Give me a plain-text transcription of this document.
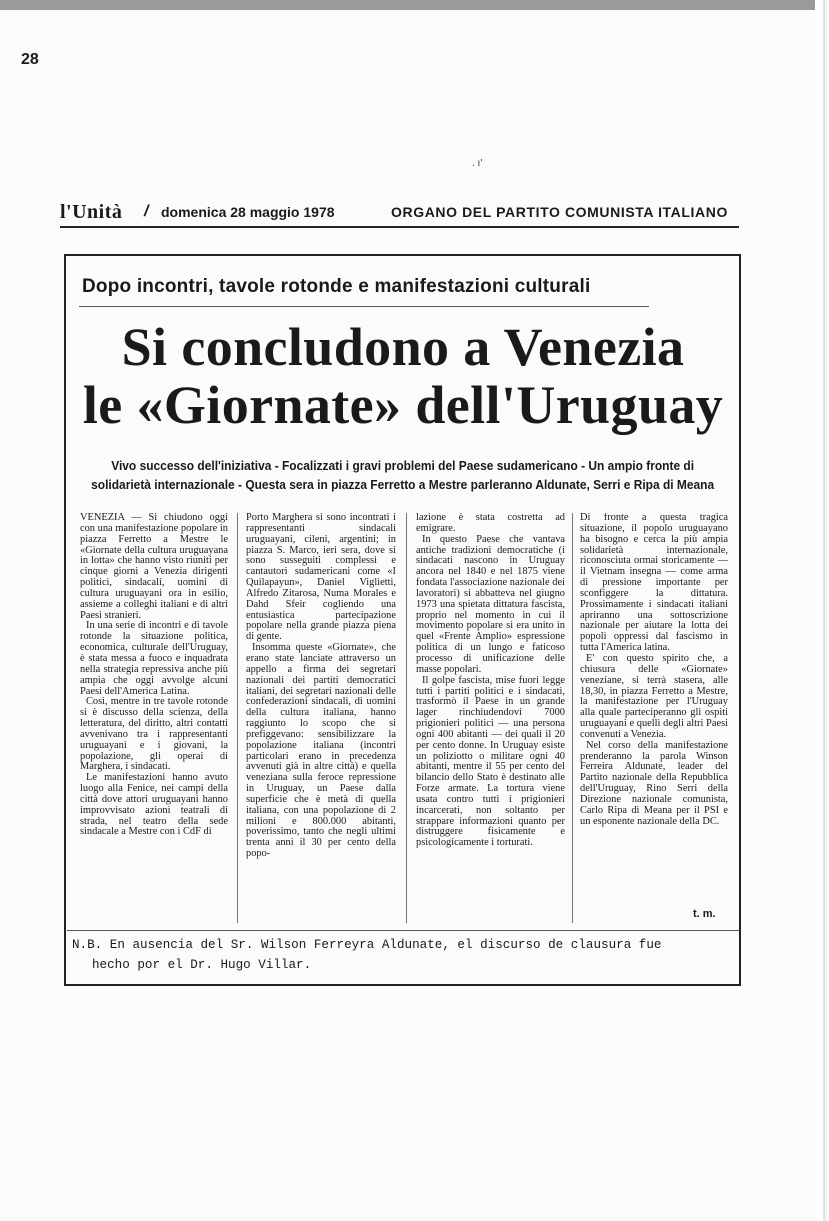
28
. ı'
l'Unità / domenica 28 maggio 1978	ORGANO DEL PARTITO COMUNISTA ITALIANO
Dopo incontri, tavole rotonde e manifestazioni culturali
Si concludono a Venezia
le «Giornate» dell'Uruguay
Vivo successo dell'iniziativa - Focalizzati i gravi problemi del Paese sudamericano - Un ampio fronte di
solidarietà internazionale - Questa sera in piazza Ferretto a Mestre parleranno Aldunate, Serri e Ripa di Meana

VENEZIA — Si chiudono oggi con una manifestazione popolare in piazza Ferretto a Mestre le «Giornate della cultura uruguayana in lotta» che hanno visto riuniti per cinque giorni a Venezia dirigenti politici, sindacali, uomini di cultura uruguayani ora in esilio, assieme a colleghi italiani e di altri Paesi stranieri.

In una serie di incontri e di tavole rotonde la situazione politica, economica, culturale dell'Uruguay, è stata messa a fuoco e inquadrata nella strategia repressiva anche più ampia che oggi avvolge alcuni Paesi dell'America Latina.

Così, mentre in tre tavole rotonde si è discusso della scienza, della letteratura, del diritto, altri contatti avvenivano tra i rappresentanti uruguayani e i giovani, la popolazione, gli operai di Marghera, i sindacati.

Le manifestazioni hanno avuto luogo alla Fenice, nei campi della città dove attori uruguayani hanno improvvisato azioni teatrali di strada, nel teatro della sede sindacale a Mestre con i CdF di

Porto Marghera si sono incontrati i rappresentanti sindacali uruguayani, cileni, argentini; in piazza S. Marco, ieri sera, dove si sono susseguiti complessi e cantautori sudamericani come «I Quilapayun», Daniel Viglietti, Alfredo Zitarosa, Numa Morales e Dahd Sfeir cogliendo una entusiastica partecipazione popolare nella grande piazza piena di gente.

Insomma queste «Giornate», che erano state lanciate attraverso un appello a firma dei segretari nazionali dei partiti democratici italiani, dei segretari nazionali delle confederazioni sindacali, di uomini della cultura italiana, hanno raggiunto lo scopo che si prefiggevano: sensibilizzare la popolazione italiana (incontri particolari erano in precedenza avvenuti già in altre città) e quella veneziana sulla feroce repressione in Uruguay, un Paese dalla superficie che è metà di quella italiana, con una popolazione di 2 milioni e 800.000 abitanti, poverissimo, tanto che negli ultimi trenta anni il 30 per cento della popo-

lazione è stata costretta ad emigrare.

In questo Paese che vantava antiche tradizioni democratiche (i sindacati nascono in Uruguay ancora nel 1840 e nel 1875 viene fondata l'associazione nazionale dei lavoratori) si abbatteva nel giugno 1973 una spietata dittatura fascista, proprio nel momento in cui il movimento popolare si era unito in quel «Frente Amplio» espressione politica di un lungo e faticoso processo di unificazione delle masse popolari.

Il golpe fascista, mise fuori legge tutti i partiti politici e i sindacati, trasformò il Paese in un grande lager rinchiudendovi 7000 prigionieri politici — una persona ogni 400 abitanti — dei quali il 20 per cento donne. In Uruguay esiste un poliziotto o militare ogni 40 abitanti, mentre il 55 per cento del bilancio dello Stato è destinato alle Forze armate. La tortura viene usata contro tutti i prigionieri incarcerati, non soltanto per strappare informazioni quanto per distruggere fisicamente e psicologicamente i torturati.

Di fronte a questa tragica situazione, il popolo uruguayano ha bisogno e cerca la più ampia solidarietà internazionale, riconosciuta ormai storicamente — il Vietnam insegna — come arma di pressione importante per sconfiggere la dittatura. Prossimamente i sindacati italiani apriranno una sottoscrizione nazionale per aiutare la lotta dei popoli oppressi dal fascismo in tutta l'America latina.

E' con questo spirito che, a chiusura delle «Giornate» veneziane, si terrà stasera, alle 18,30, in piazza Ferretto a Mestre, la manifestazione per l'Uruguay alla quale parteciperanno gli ospiti uruguayani e quelli degli altri Paesi convenuti a Venezia.

Nel corso della manifestazione prenderanno la parola Winson Ferreira Aldunate, leader del Partito nazionale della Repubblica dell'Uruguay, Rino Serri della Direzione nazionale comunista, Carlo Ripa di Meana per il PSI e un esponente nazionale della DC.

t. m.
N.B. En ausencia del Sr. Wilson Ferreyra Aldunate, el discurso de clausura fue
hecho por el Dr. Hugo Villar.
